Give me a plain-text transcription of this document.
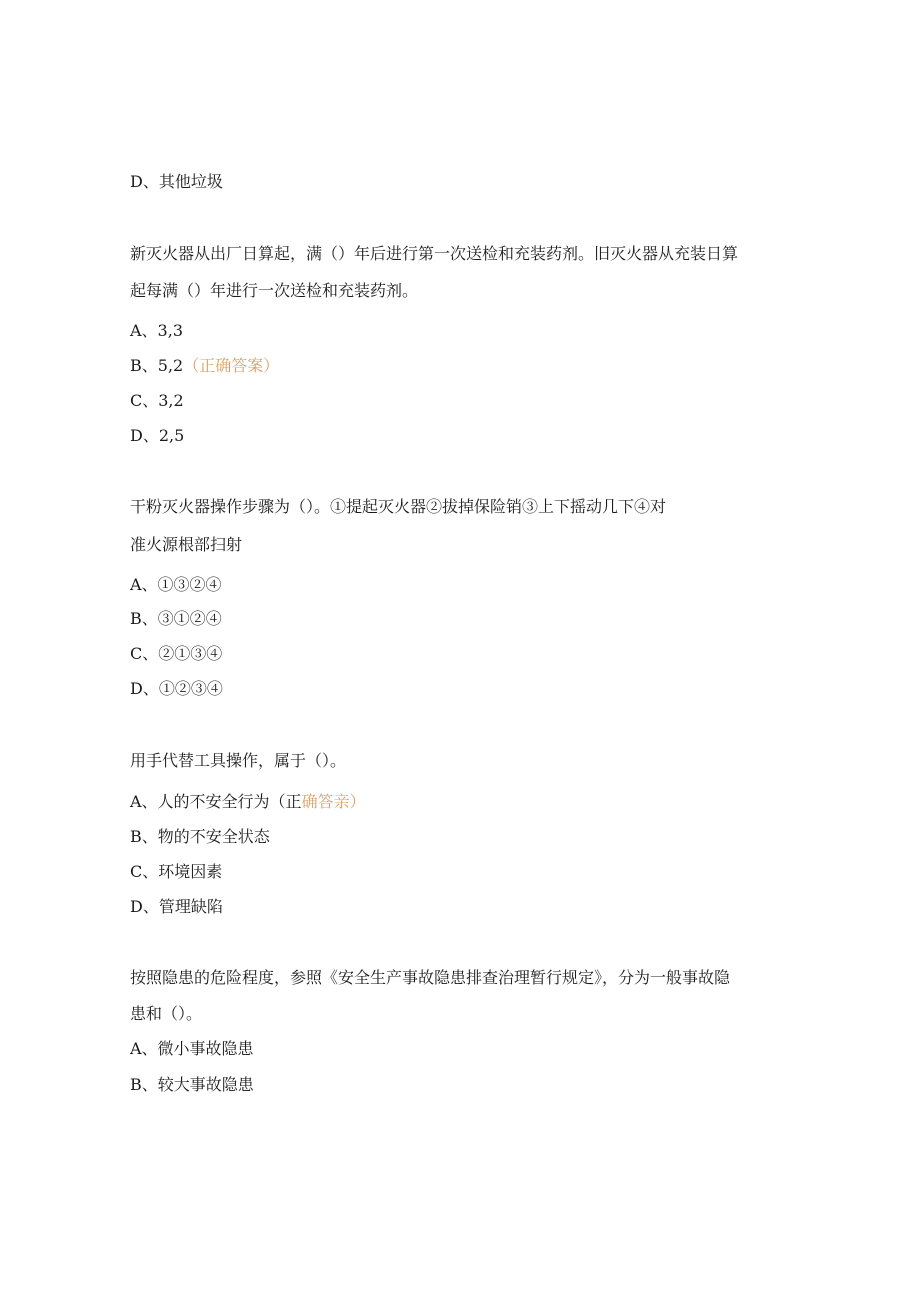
D、其他垃圾
新灭火器从出厂日算起，满（）年后进行第一次送检和充装药剂。旧灭火器从充装日算
起每满（）年进行一次送检和充装药剂。
A、3,3
B、5,2（正确答案）
C、3,2
D、2,5
干粉灭火器操作步骤为（）。①提起灭火器②拔掉保险销③上下摇动几下④对
准火源根部扫射
A、①③②④
B、③①②④
C、②①③④
D、①②③④
用手代替工具操作，属于（）。
A、人的不安全行为（正确答亲）
B、物的不安全状态
C、环境因素
D、管理缺陷
按照隐患的危险程度，参照《安全生产事故隐患排查治理暂行规定》，分为一般事故隐
患和（）。
A、微小事故隐患
B、较大事故隐患
